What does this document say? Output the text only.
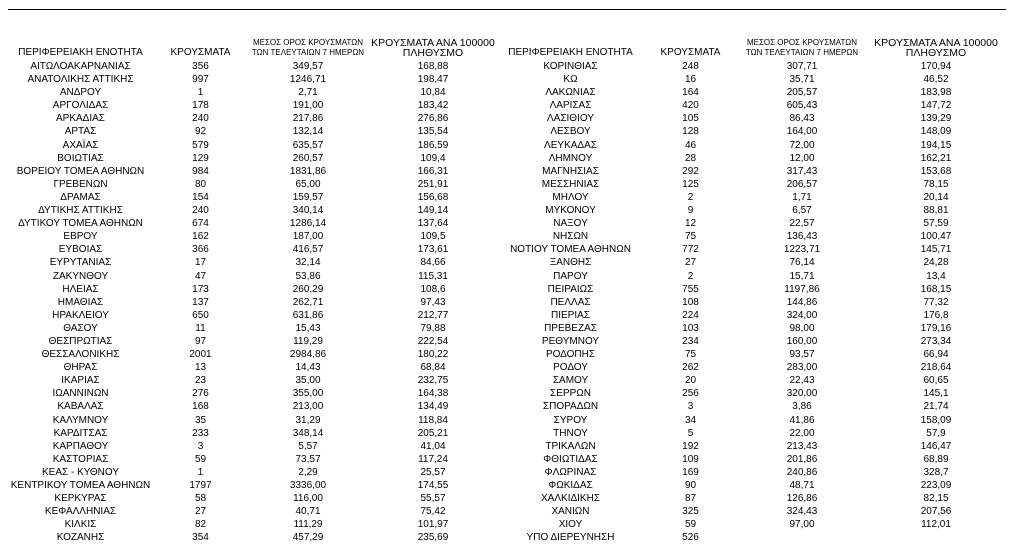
ΠΕΡΙΦΕΡΕΙΑΚΗ ΕΝΟΤΗΤΑ	ΚΡΟΥΣΜΑΤΑ	ΜΕΣΟΣ ΟΡΟΣ ΚΡΟΥΣΜΑΤΩΝ
ΤΩΝ ΤΕΛΕΥΤΑΙΩΝ 7 ΗΜΕΡΩΝ	ΚΡΟΥΣΜΑΤΑ ΑΝΑ 100000
ΠΛΗΘΥΣΜΟ	ΠΕΡΙΦΕΡΕΙΑΚΗ ΕΝΟΤΗΤΑ	ΚΡΟΥΣΜΑΤΑ	ΜΕΣΟΣ ΟΡΟΣ ΚΡΟΥΣΜΑΤΩΝ
ΤΩΝ ΤΕΛΕΥΤΑΙΩΝ 7 ΗΜΕΡΩΝ	ΚΡΟΥΣΜΑΤΑ ΑΝΑ 100000
ΠΛΗΘΥΣΜΟ
ΑΙΤΩΛΟΑΚΑΡΝΑΝΙΑΣ	356	349,57	168,88	ΚΟΡΙΝΘΙΑΣ	248	307,71	170,94
ΑΝΑΤΟΛΙΚΗΣ ΑΤΤΙΚΗΣ	997	1246,71	198,47	ΚΩ	16	35,71	46,52
ΑΝΔΡΟΥ	1	2,71	10,84	ΛΑΚΩΝΙΑΣ	164	205,57	183,98
ΑΡΓΟΛΙΔΑΣ	178	191,00	183,42	ΛΑΡΙΣΑΣ	420	605,43	147,72
ΑΡΚΑΔΙΑΣ	240	217,86	276,86	ΛΑΣΙΘΙΟΥ	105	86,43	139,29
ΑΡΤΑΣ	92	132,14	135,54	ΛΕΣΒΟΥ	128	164,00	148,09
ΑΧΑΪΑΣ	579	635,57	186,59	ΛΕΥΚΑΔΑΣ	46	72,00	194,15
ΒΟΙΩΤΙΑΣ	129	260,57	109,4	ΛΗΜΝΟΥ	28	12,00	162,21
ΒΟΡΕΙΟΥ ΤΟΜΕΑ ΑΘΗΝΩΝ	984	1831,86	166,31	ΜΑΓΝΗΣΙΑΣ	292	317,43	153,68
ΓΡΕΒΕΝΩΝ	80	65,00	251,91	ΜΕΣΣΗΝΙΑΣ	125	206,57	78,15
ΔΡΑΜΑΣ	154	159,57	156,68	ΜΗΛΟΥ	2	1,71	20,14
ΔΥΤΙΚΗΣ ΑΤΤΙΚΗΣ	240	340,14	149,14	ΜΥΚΟΝΟΥ	9	6,57	88,81
ΔΥΤΙΚΟΥ ΤΟΜΕΑ ΑΘΗΝΩΝ	674	1286,14	137,64	ΝΑΞΟΥ	12	22,57	57,59
ΕΒΡΟΥ	162	187,00	109,5	ΝΗΣΩΝ	75	136,43	100,47
ΕΥΒΟΙΑΣ	366	416,57	173,61	ΝΟΤΙΟΥ ΤΟΜΕΑ ΑΘΗΝΩΝ	772	1223,71	145,71
ΕΥΡΥΤΑΝΙΑΣ	17	32,14	84,66	ΞΑΝΘΗΣ	27	76,14	24,28
ΖΑΚΥΝΘΟΥ	47	53,86	115,31	ΠΑΡΟΥ	2	15,71	13,4
ΗΛΕΙΑΣ	173	260,29	108,6	ΠΕΙΡΑΙΩΣ	755	1197,86	168,15
ΗΜΑΘΙΑΣ	137	262,71	97,43	ΠΕΛΛΑΣ	108	144,86	77,32
ΗΡΑΚΛΕΙΟΥ	650	631,86	212,77	ΠΙΕΡΙΑΣ	224	324,00	176,8
ΘΑΣΟΥ	11	15,43	79,88	ΠΡΕΒΕΖΑΣ	103	98,00	179,16
ΘΕΣΠΡΩΤΙΑΣ	97	119,29	222,54	ΡΕΘΥΜΝΟΥ	234	160,00	273,34
ΘΕΣΣΑΛΟΝΙΚΗΣ	2001	2984,86	180,22	ΡΟΔΟΠΗΣ	75	93,57	66,94
ΘΗΡΑΣ	13	14,43	68,84	ΡΟΔΟΥ	262	283,00	218,64
ΙΚΑΡΙΑΣ	23	35,00	232,75	ΣΑΜΟΥ	20	22,43	60,65
ΙΩΑΝΝΙΝΩΝ	276	355,00	164,38	ΣΕΡΡΩΝ	256	320,00	145,1
ΚΑΒΑΛΑΣ	168	213,00	134,49	ΣΠΟΡΑΔΩΝ	3	3,86	21,74
ΚΑΛΥΜΝΟΥ	35	31,29	118,84	ΣΥΡΟΥ	34	41,86	158,09
ΚΑΡΔΙΤΣΑΣ	233	348,14	205,21	ΤΗΝΟΥ	5	22,00	57,9
ΚΑΡΠΑΘΟΥ	3	5,57	41,04	ΤΡΙΚΑΛΩΝ	192	213,43	146,47
ΚΑΣΤΟΡΙΑΣ	59	73,57	117,24	ΦΘΙΩΤΙΔΑΣ	109	201,86	68,89
ΚΕΑΣ - ΚΥΘΝΟΥ	1	2,29	25,57	ΦΛΩΡΙΝΑΣ	169	240,86	328,7
ΚΕΝΤΡΙΚΟΥ ΤΟΜΕΑ ΑΘΗΝΩΝ	1797	3336,00	174,55	ΦΩΚΙΔΑΣ	90	48,71	223,09
ΚΕΡΚΥΡΑΣ	58	116,00	55,57	ΧΑΛΚΙΔΙΚΗΣ	87	126,86	82,15
ΚΕΦΑΛΛΗΝΙΑΣ	27	40,71	75,42	ΧΑΝΙΩΝ	325	324,43	207,56
ΚΙΛΚΙΣ	82	111,29	101,97	ΧΙΟΥ	59	97,00	112,01
ΚΟΖΑΝΗΣ	354	457,29	235,69	ΥΠΟ ΔΙΕΡΕΥΝΗΣΗ	526		
